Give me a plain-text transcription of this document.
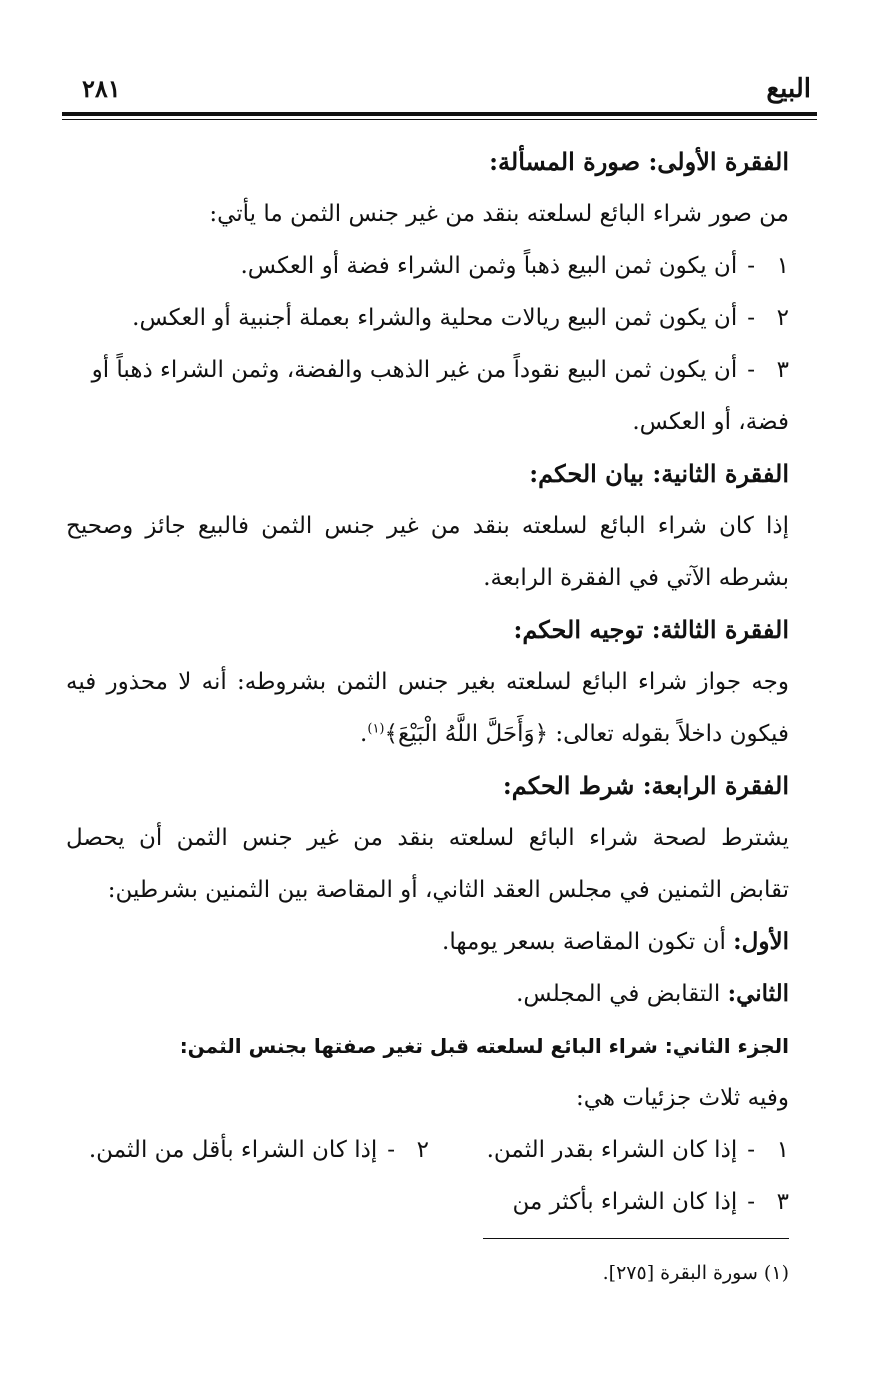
البيع
٢٨١
الفقرة الأولى: صورة المسألة:
من صور شراء البائع لسلعته بنقد من غير جنس الثمن ما يأتي:
١-أن يكون ثمن البيع ذهباً وثمن الشراء فضة أو العكس.
٢-أن يكون ثمن البيع ريالات محلية والشراء بعملة أجنبية أو العكس.
٣-أن يكون ثمن البيع نقوداً من غير الذهب والفضة، وثمن الشراء ذهباً أو
فضة، أو العكس.
الفقرة الثانية: بيان الحكم:
إذا كان شراء البائع لسلعته بنقد من غير جنس الثمن فالبيع جائز وصحيح
بشرطه الآتي في الفقرة الرابعة.
الفقرة الثالثة: توجيه الحكم:
وجه جواز شراء البائع لسلعته بغير جنس الثمن بشروطه: أنه لا محذور فيه
فيكون داخلاً بقوله تعالى: ﴿وَأَحَلَّ اللَّهُ الْبَيْعَ﴾$^{(١)}$.
الفقرة الرابعة: شرط الحكم:
يشترط لصحة شراء البائع لسلعته بنقد من غير جنس الثمن أن يحصل
تقابض الثمنين في مجلس العقد الثاني، أو المقاصة بين الثمنين بشرطين:
الأول: أن تكون المقاصة بسعر يومها.
الثاني: التقابض في المجلس.
الجزء الثاني: شراء البائع لسلعته قبل تغير صفتها بجنس الثمن:
وفيه ثلاث جزئيات هي:
١-إذا كان الشراء بقدر الثمن.
٢-إذا كان الشراء بأقل من الثمن.
٣-إذا كان الشراء بأكثر من
(١) سورة البقرة [٢٧٥].
